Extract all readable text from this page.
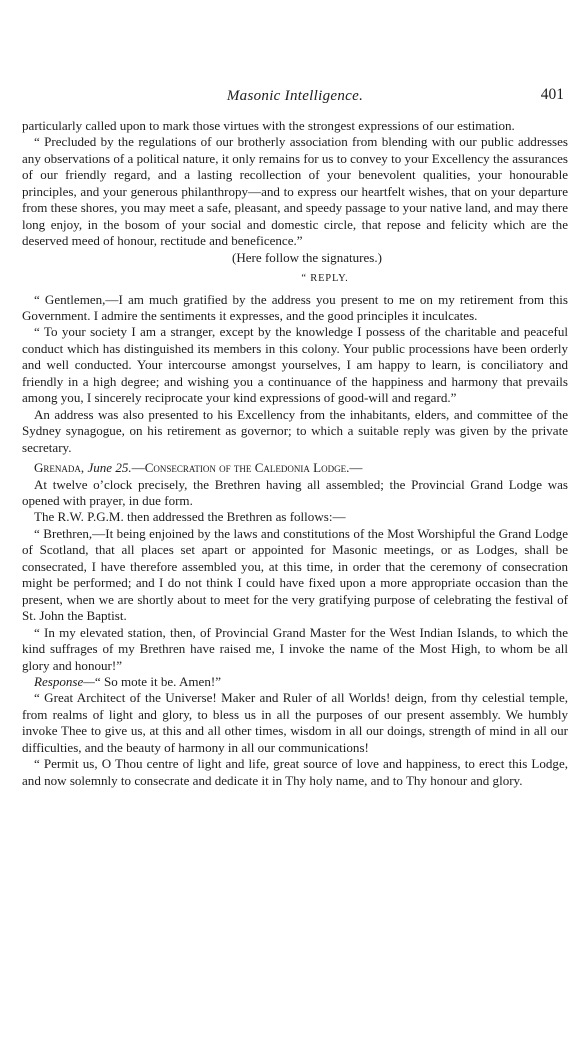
Masonic Intelligence.	401

particularly called upon to mark those virtues with the strongest expressions of our estimation.

“ Precluded by the regulations of our brotherly association from blending with our public addresses any observations of a political nature, it only remains for us to convey to your Excellency the assurances of our friendly regard, and a lasting recollection of your benevolent qualities, your honourable principles, and your generous philanthropy—and to express our heartfelt wishes, that on your departure from these shores, you may meet a safe, pleasant, and speedy passage to your native land, and may there long enjoy, in the bosom of your social and domestic circle, that repose and felicity which are the deserved meed of honour, rectitude and beneficence.”

(Here follow the signatures.)

“ REPLY.

“ Gentlemen,—I am much gratified by the address you present to me on my retirement from this Government. I admire the sentiments it expresses, and the good principles it inculcates.

“ To your society I am a stranger, except by the knowledge I possess of the charitable and peaceful conduct which has distinguished its members in this colony. Your public processions have been orderly and well conducted. Your intercourse amongst yourselves, I am happy to learn, is conciliatory and friendly in a high degree; and wishing you a continuance of the happiness and harmony that prevails among you, I sincerely reciprocate your kind expressions of good-will and regard.”

An address was also presented to his Excellency from the inhabitants, elders, and committee of the Sydney synagogue, on his retirement as governor; to which a suitable reply was given by the private secretary.

Grenada, June 25.—Consecration of the Caledonia Lodge.—

At twelve o’clock precisely, the Brethren having all assembled; the Provincial Grand Lodge was opened with prayer, in due form.

The R.W. P.G.M. then addressed the Brethren as follows:—

“ Brethren,—It being enjoined by the laws and constitutions of the Most Worshipful the Grand Lodge of Scotland, that all places set apart or appointed for Masonic meetings, or as Lodges, shall be consecrated, I have therefore assembled you, at this time, in order that the ceremony of consecration might be performed; and I do not think I could have fixed upon a more appropriate occasion than the present, when we are shortly about to meet for the very gratifying purpose of celebrating the festival of St. John the Baptist.

“ In my elevated station, then, of Provincial Grand Master for the West Indian Islands, to which the kind suffrages of my Brethren have raised me, I invoke the name of the Most High, to whom be all glory and honour!”

Response—“ So mote it be. Amen!”

“ Great Architect of the Universe! Maker and Ruler of all Worlds! deign, from thy celestial temple, from realms of light and glory, to bless us in all the purposes of our present assembly. We humbly invoke Thee to give us, at this and all other times, wisdom in all our doings, strength of mind in all our difficulties, and the beauty of harmony in all our communications!

“ Permit us, O Thou centre of light and life, great source of love and happiness, to erect this Lodge, and now solemnly to consecrate and dedicate it in Thy holy name, and to Thy honour and glory.
